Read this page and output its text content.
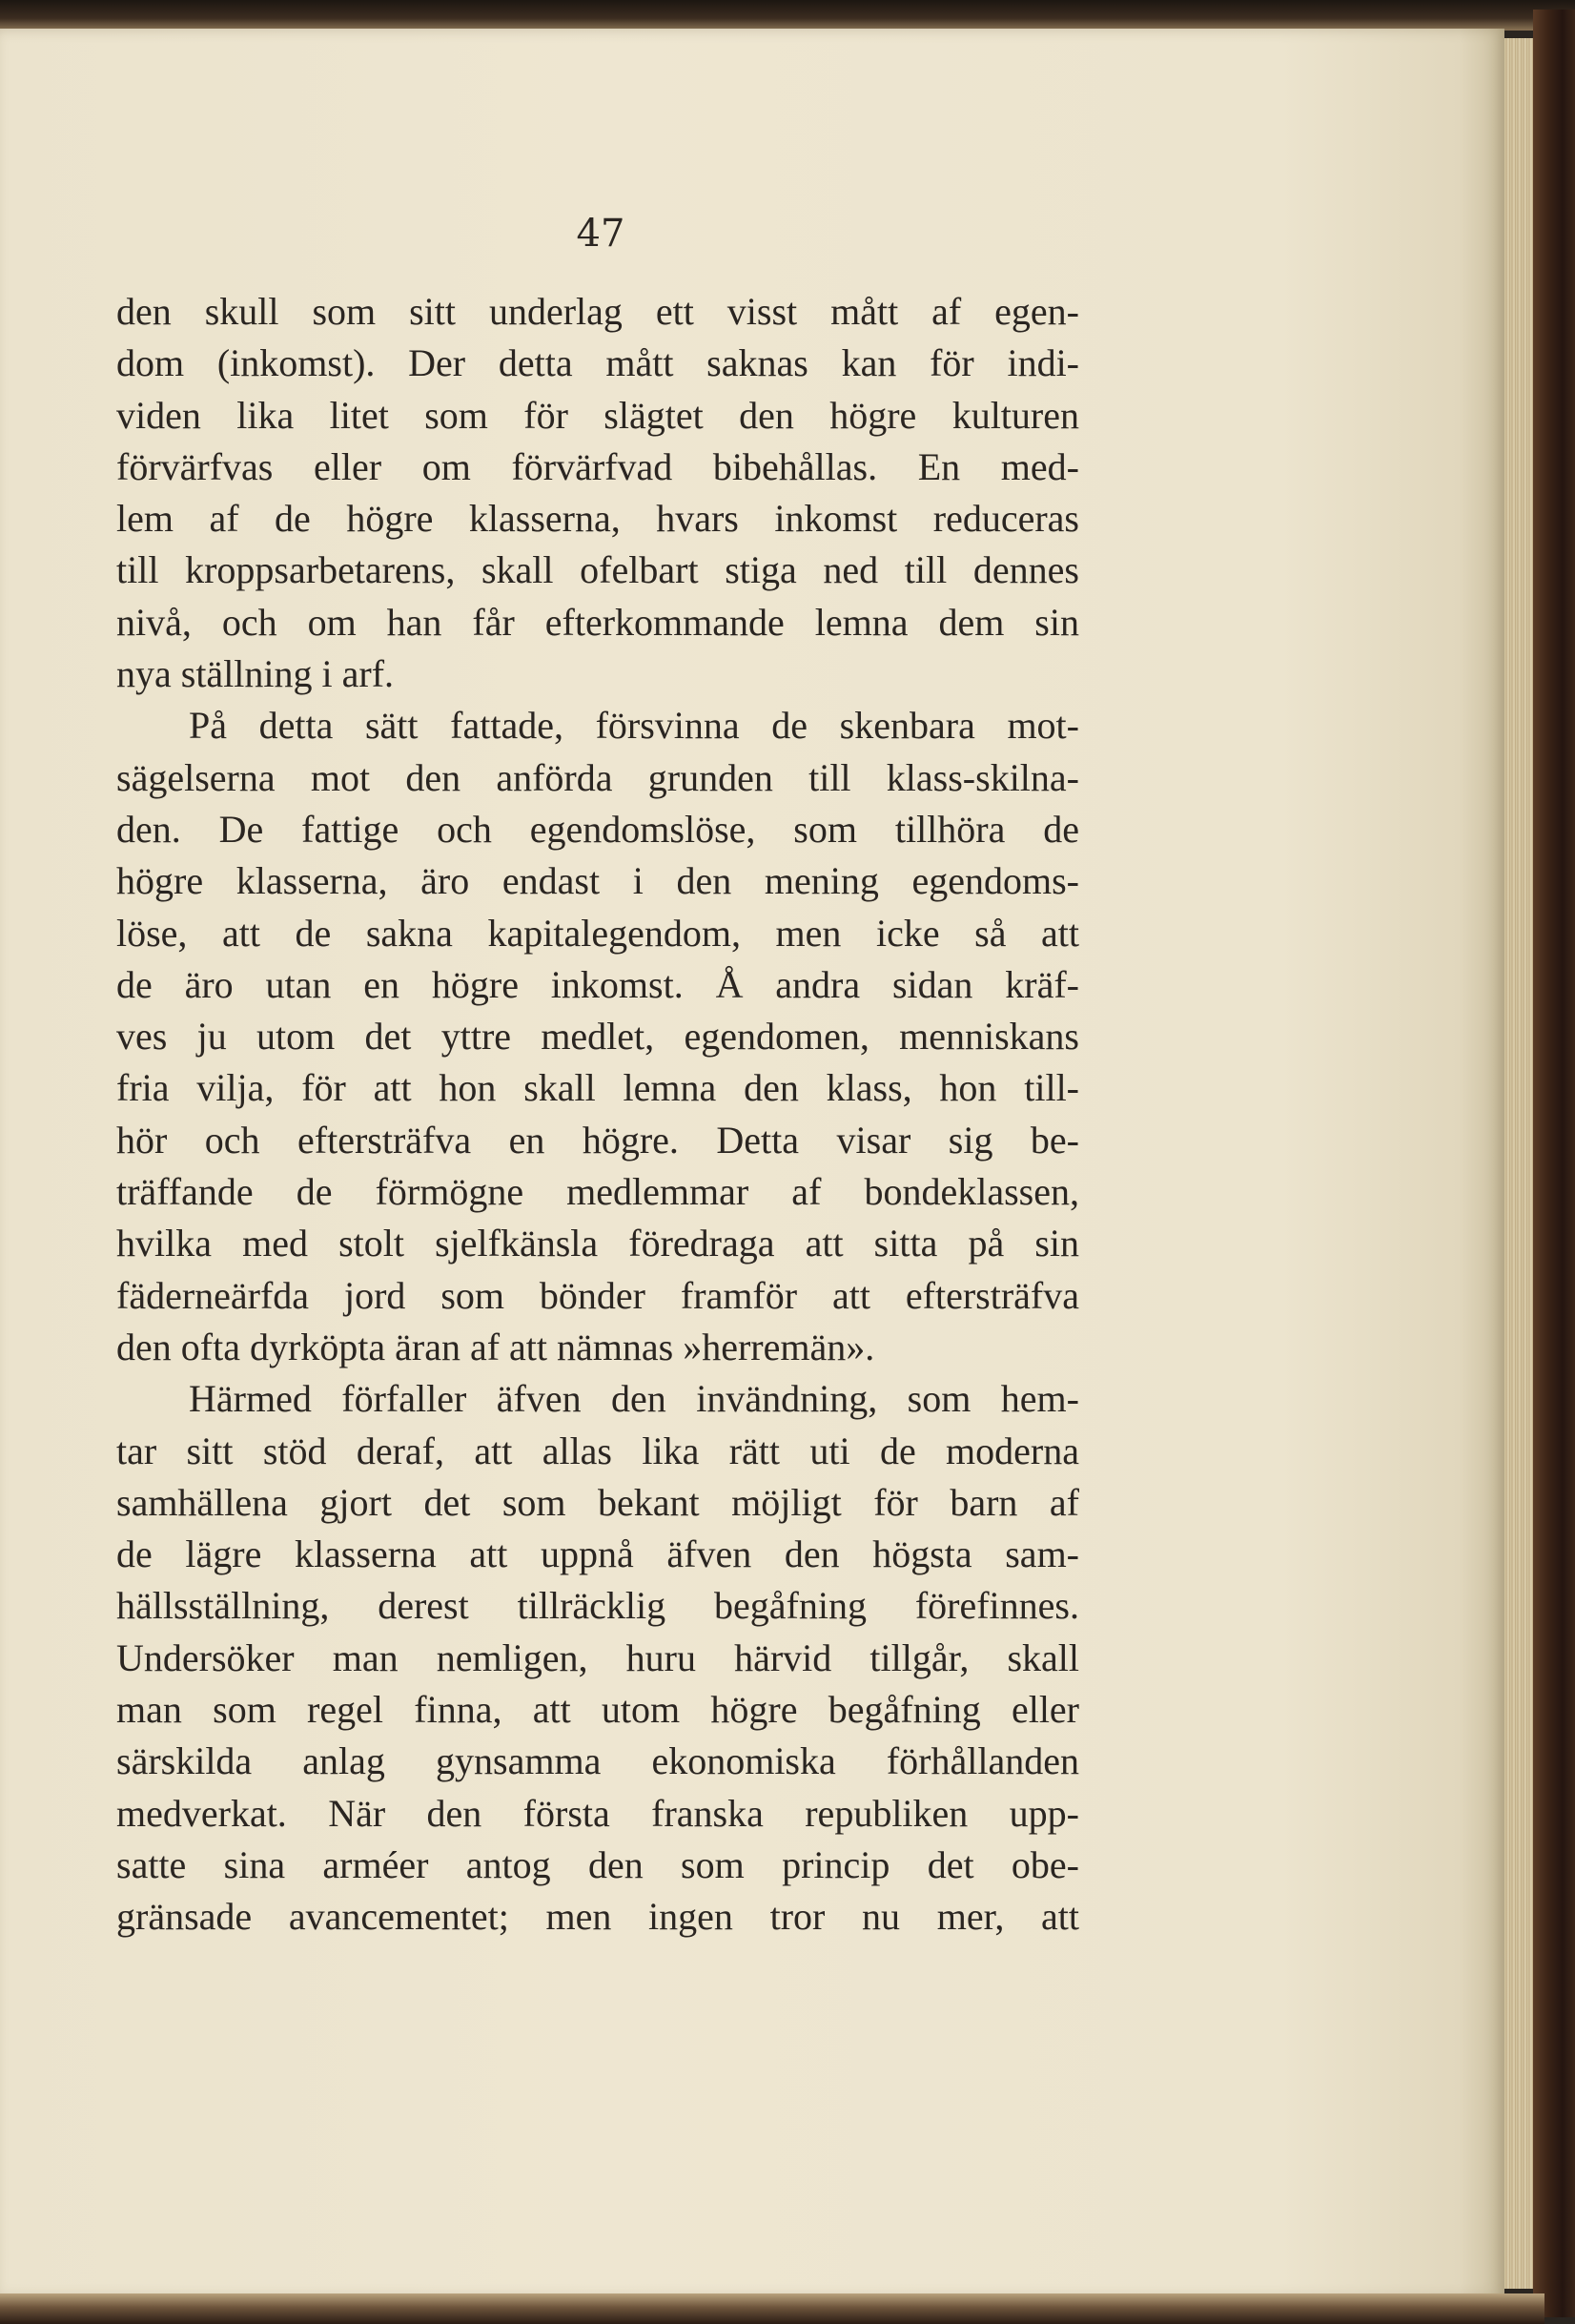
47
den skull som sitt underlag ett visst mått af egen-
dom (inkomst). Der detta mått saknas kan för indi-
viden lika litet som för slägtet den högre kulturen
förvärfvas eller om förvärfvad bibehållas. En med-
lem af de högre klasserna, hvars inkomst reduceras
till kroppsarbetarens, skall ofelbart stiga ned till dennes
nivå, och om han får efterkommande lemna dem sin
nya ställning i arf.
På detta sätt fattade, försvinna de skenbara mot-
sägelserna mot den anförda grunden till klass-skilna-
den. De fattige och egendomslöse, som tillhöra de
högre klasserna, äro endast i den mening egendoms-
löse, att de sakna kapitalegendom, men icke så att
de äro utan en högre inkomst. Å andra sidan kräf-
ves ju utom det yttre medlet, egendomen, menniskans
fria vilja, för att hon skall lemna den klass, hon till-
hör och eftersträfva en högre. Detta visar sig be-
träffande de förmögne medlemmar af bondeklassen,
hvilka med stolt sjelfkänsla föredraga att sitta på sin
fäderneärfda jord som bönder framför att eftersträfva
den ofta dyrköpta äran af att nämnas »herremän».
Härmed förfaller äfven den invändning, som hem-
tar sitt stöd deraf, att allas lika rätt uti de moderna
samhällena gjort det som bekant möjligt för barn af
de lägre klasserna att uppnå äfven den högsta sam-
hällsställning, derest tillräcklig begåfning förefinnes.
Undersöker man nemligen, huru härvid tillgår, skall
man som regel finna, att utom högre begåfning eller
särskilda anlag gynsamma ekonomiska förhållanden
medverkat. När den första franska republiken upp-
satte sina arméer antog den som princip det obe-
gränsade avancementet; men ingen tror nu mer, att
